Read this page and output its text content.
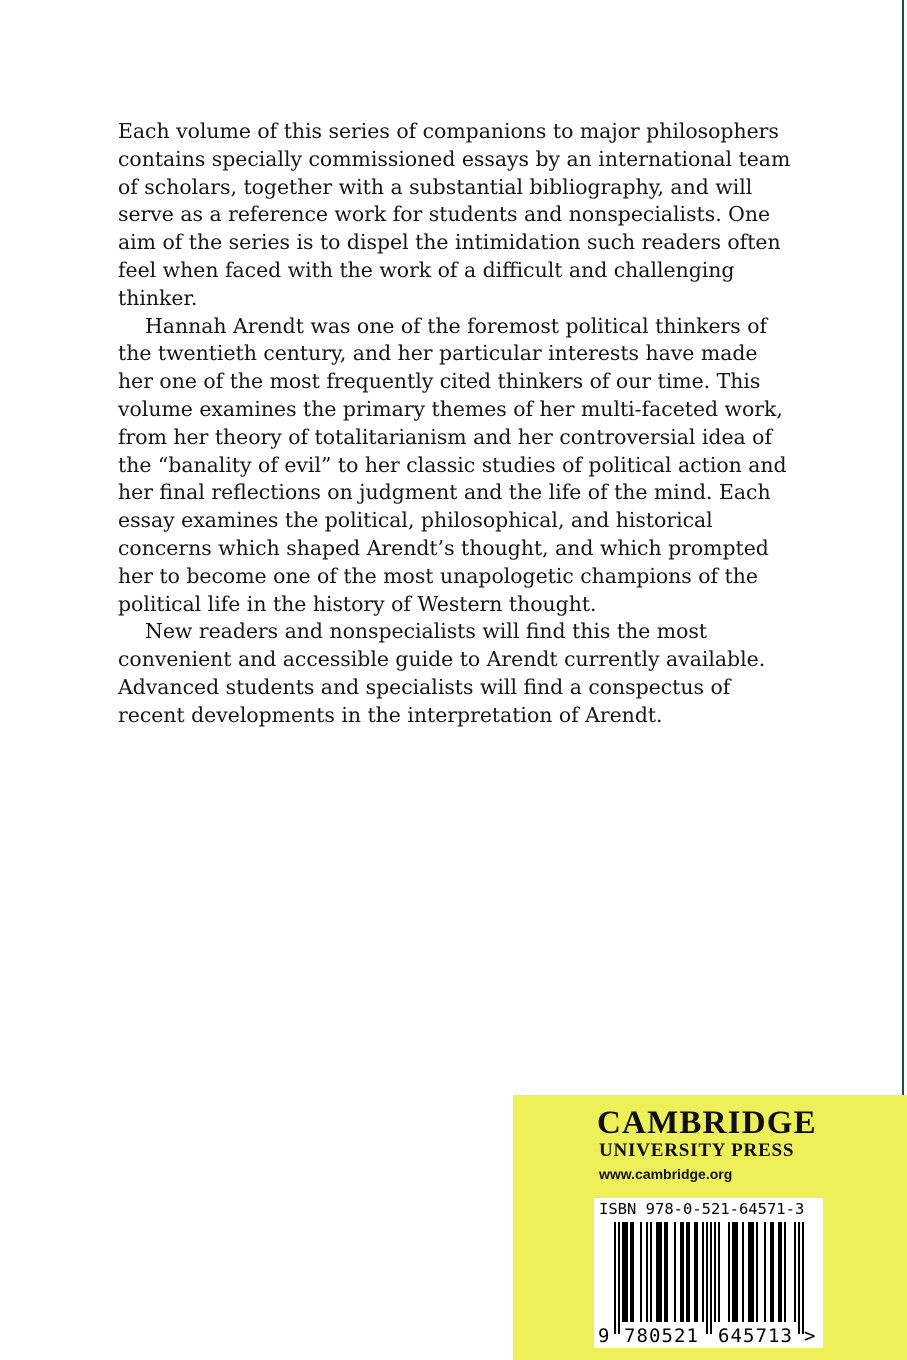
Each volume of this series of companions to major philosophers contains specially commissioned essays by an international team of scholars, together with a substantial bibliography, and will serve as a reference work for students and nonspecialists. One aim of the series is to dispel the intimidation such readers often feel when faced with the work of a difficult and challenging thinker.

Hannah Arendt was one of the foremost political thinkers of the twentieth century, and her particular interests have made her one of the most frequently cited thinkers of our time. This volume examines the primary themes of her multi-faceted work, from her theory of totalitarianism and her controversial idea of the “banality of evil” to her classic studies of political action and her final reflections on judgment and the life of the mind. Each essay examines the political, philosophical, and historical concerns which shaped Arendt’s thought, and which prompted her to become one of the most unapologetic champions of the political life in the history of Western thought.

New readers and nonspecialists will find this the most convenient and accessible guide to Arendt currently available. Advanced students and specialists will find a conspectus of recent developments in the interpretation of Arendt.

CAMBRIDGE
UNIVERSITY PRESS
www.cambridge.org
9 780521 645713 >
ISBN 978-0-521-64571-3
